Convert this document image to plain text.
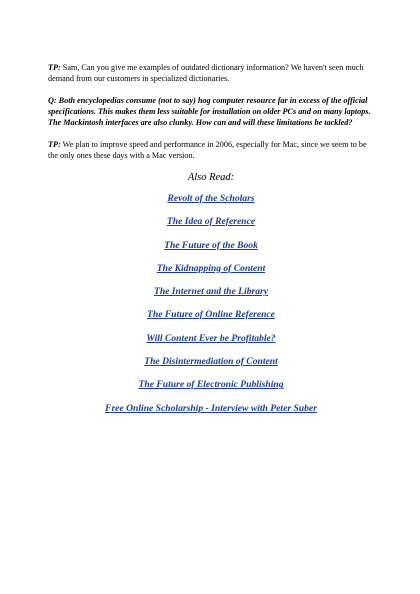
TP: Sam, Can you give me examples of outdated dictionary information? We haven't seen much demand from our customers in specialized dictionaries.

Q: Both encyclopedias consume (not to say) hog computer resource far in excess of the official specifications. This makes them less suitable for installation on older PCs and on many laptops. The Mackintosh interfaces are also clunky. How can and will these limitations be tackled?

TP: We plan to improve speed and performance in 2006, especially for Mac, since we seem to be the only ones these days with a Mac version.

Also Read:
Revolt of the Scholars
The Idea of Reference
The Future of the Book
The Kidnapping of Content
The Internet and the Library
The Future of Online Reference
Will Content Ever be Profitable?
The Disintermediation of Content
The Future of Electronic Publishing
Free Online Scholarship - Interview with Peter Suber
